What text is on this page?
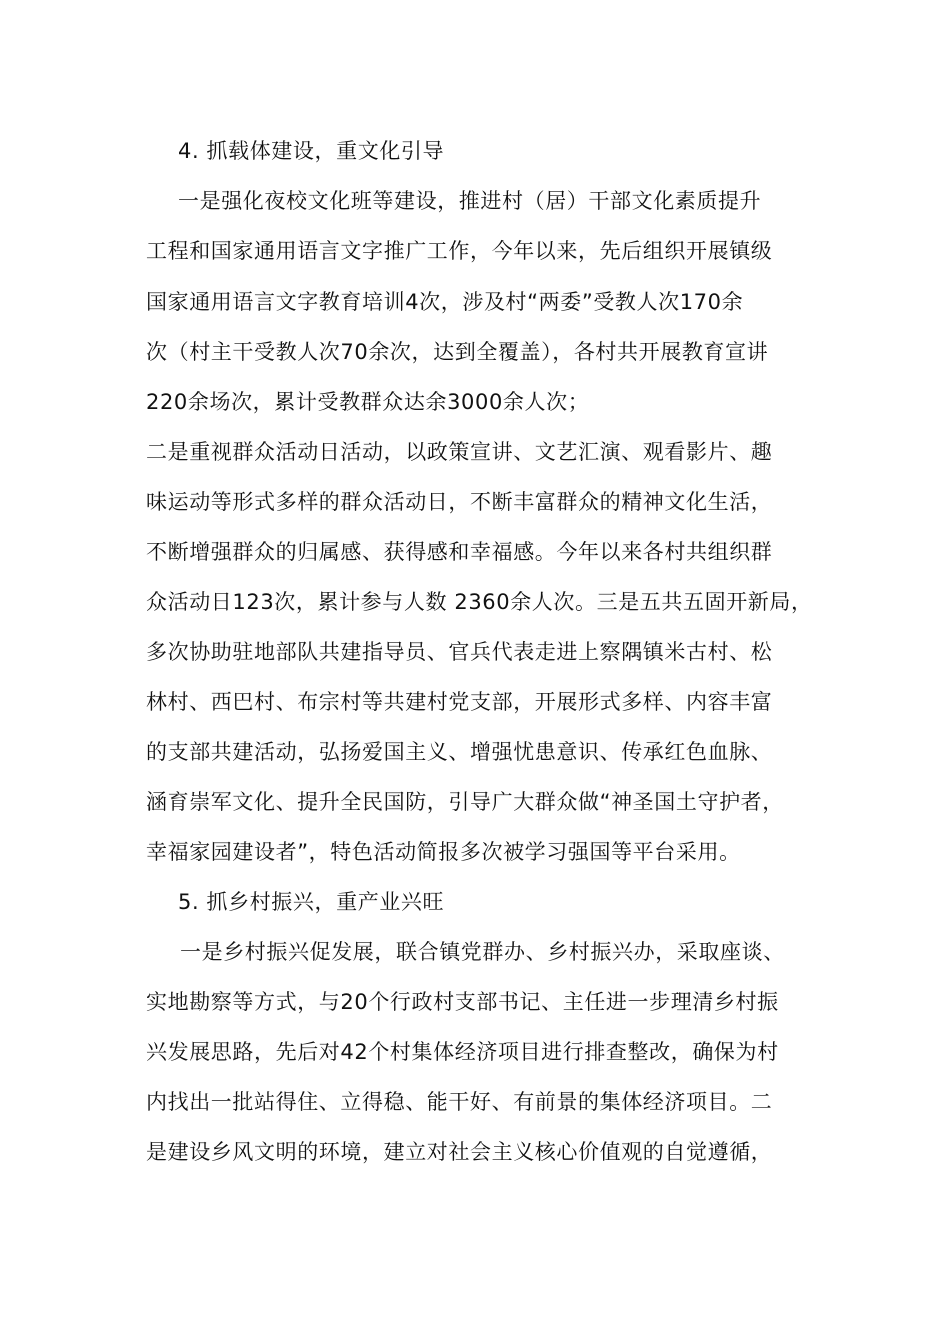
4. 抓载体建设，重文化引导
一是强化夜校文化班等建设，推进村（居）干部文化素质提升
工程和国家通用语言文字推广工作，今年以来，先后组织开展镇级
国家通用语言文字教育培训4次，涉及村“两委”受教人次170余
次（村主干受教人次70余次，达到全覆盖），各村共开展教育宣讲
220余场次，累计受教群众达余3000余人次；
二是重视群众活动日活动，以政策宣讲、文艺汇演、观看影片、趣
味运动等形式多样的群众活动日，不断丰富群众的精神文化生活，
不断增强群众的归属感、获得感和幸福感。今年以来各村共组织群
众活动日123次，累计参与人数 2360余人次。三是五共五固开新局，
多次协助驻地部队共建指导员、官兵代表走进上察隅镇米古村、松
林村、西巴村、布宗村等共建村党支部，开展形式多样、内容丰富
的支部共建活动，弘扬爱国主义、增强忧患意识、传承红色血脉、
涵育崇军文化、提升全民国防，引导广大群众做“神圣国土守护者，
幸福家园建设者”，特色活动简报多次被学习强国等平台采用。
5. 抓乡村振兴，重产业兴旺
一是乡村振兴促发展，联合镇党群办、乡村振兴办，采取座谈、
实地勘察等方式，与20个行政村支部书记、主任进一步理清乡村振
兴发展思路，先后对42个村集体经济项目进行排查整改，确保为村
内找出一批站得住、立得稳、能干好、有前景的集体经济项目。二
是建设乡风文明的环境，建立对社会主义核心价值观的自觉遵循，
